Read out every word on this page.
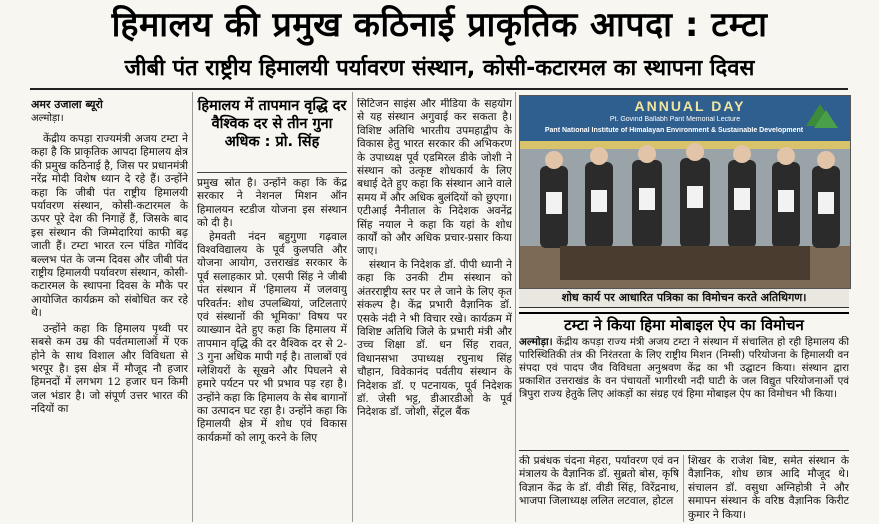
हिमालय की प्रमुख कठिनाई प्राकृतिक आपदा : टम्टा
जीबी पंत राष्ट्रीय हिमालयी पर्यावरण संस्थान, कोसी-कटारमल का स्थापना दिवस
अमर उजाला ब्यूरो
अल्मोड़ा।

केंद्रीय कपड़ा राज्यमंत्री अजय टम्टा ने कहा है कि प्राकृतिक आपदा हिमालय क्षेत्र की प्रमुख कठिनाई है, जिस पर प्रधानमंत्री नरेंद्र मोदी विशेष ध्यान दे रहे हैं। उन्होंने कहा कि जीबी पंत राष्ट्रीय हिमालयी पर्यावरण संस्थान, कोसी-कटारमल के ऊपर पूरे देश की निगाहें हैं, जिसके बाद इस संस्थान की जिम्मेदारियां काफी बढ़ जाती हैं। टम्टा भारत रत्न पंडित गोविंद बल्लभ पंत के जन्म दिवस और जीबी पंत राष्ट्रीय हिमालयी पर्यावरण संस्थान, कोसी-कटारमल के स्थापना दिवस के मौके पर आयोजित कार्यक्रम को संबोधित कर रहे थे।

उन्होंने कहा कि हिमालय पृथ्वी पर सबसे कम उम्र की पर्वतमालाओं में एक होने के साथ विशाल और विविधता से भरपूर है। इस क्षेत्र में मौजूद नौ हजार हिमनदों में लगभग 12 हजार घन किमी जल भंडार है। जो संपूर्ण उत्तर भारत की नदियों का

हिमालय में तापमान वृद्धि दर वैश्विक दर से तीन गुना अधिक : प्रो. सिंह

प्रमुख स्रोत है। उन्होंने कहा कि केंद्र सरकार ने नेशनल मिशन ऑन हिमालयन स्टडीज योजना इस संस्थान को दी है।

हेमवती नंदन बहुगुणा गढ़वाल विश्वविद्यालय के पूर्व कुलपति और योजना आयोग, उत्तराखंड सरकार के पूर्व सलाहकार प्रो. एसपी सिंह ने जीबी पंत संस्थान में 'हिमालय में जलवायु परिवर्तन: शोध उपलब्धियां, जटिलताएं एवं संस्थानों की भूमिका' विषय पर व्याख्यान देते हुए कहा कि हिमालय में तापमान वृद्धि की दर वैश्विक दर से 2-3 गुना अधिक मापी गई है। तालाबों एवं ग्लेशियरों के सूखने और पिघलने से हमारे पर्यटन पर भी प्रभाव पड़ रहा है। उन्होंने कहा कि हिमालय के सेब बागानों का उत्पादन घट रहा है। उन्होंने कहा कि हिमालयी क्षेत्र में शोध एवं विकास कार्यक्रमों को लागू करने के लिए

सिटिजन साइंस और मीडिया के सहयोग से यह संस्थान अगुवाई कर सकता है। विशिष्ट अतिथि भारतीय उपमहाद्वीप के विकास हेतु भारत सरकार की अभिकरण के उपाध्यक्ष पूर्व एडमिरल डीके जोशी ने संस्थान को उत्कृष्ट शोधकार्य के लिए बधाई देते हुए कहा कि संस्थान आने वाले समय में और अधिक बुलंदियों को छुएगा। एटीआई नैनीताल के निदेशक अवनेंद्र सिंह नयाल ने कहा कि यहां के शोध कार्यों को और अधिक प्रचार-प्रसार किया जाए।

संस्थान के निदेशक डॉ. पीपी ध्यानी ने कहा कि उनकी टीम संस्थान को अंतरराष्ट्रीय स्तर पर ले जाने के लिए कृत संकल्प है। केंद्र प्रभारी वैज्ञानिक डॉ. एसके नंदी ने भी विचार रखे। कार्यक्रम में विशिष्ट अतिथि जिले के प्रभारी मंत्री और उच्च शिक्षा डॉ. धन सिंह रावत, विधानसभा उपाध्यक्ष रघुनाथ सिंह चौहान, विवेकानंद पर्वतीय संस्थान के निदेशक डॉ. ए पटनायक, पूर्व निदेशक डॉ. जेसी भट्ट, डीआरडीओ के पूर्व निदेशक डॉ. जोशी, सेंट्रल बैंक

ANNUAL DAY
Pt. Govind Ballabh Pant Memorial Lecture
Pant National Institute of Himalayan Environment & Sustainable Development
शोध कार्य पर आधारित पत्रिका का विमोचन करते अतिथिगण।
टम्टा ने किया हिमा मोबाइल ऐप का विमोचन
अल्मोड़ा। केंद्रीय कपड़ा राज्य मंत्री अजय टम्टा ने संस्थान में संचालित हो रही हिमालय की पारिस्थितिकी तंत्र की निरंतरता के लिए राष्ट्रीय मिशन (निम्सी) परियोजना के हिमालयी वन संपदा एवं पादप जैव विविधता अनुश्रवण केंद्र का भी उद्घाटन किया। संस्थान द्वारा प्रकाशित उत्तराखंड के वन पंचायतों भागीरथी नदी घाटी के जल विद्युत परियोजनाओं एवं त्रिपुरा राज्य हेतुके लिए आंकड़ों का संग्रह एवं हिमा मोबाइल ऐप का विमोचन भी किया।

की प्रबंधक चंदना मेहरा, पर्यावरण एवं वन मंत्रालय के वैज्ञानिक डॉ. सुब्रतो बोस, कृषि विज्ञान केंद्र के डॉ. वीडी सिंह, विरेंद्रनाथ, भाजपा जिलाध्यक्ष ललित लटवाल, होटल

शिखर के राजेश बिष्ट, समेत संस्थान के वैज्ञानिक, शोध छात्र आदि मौजूद थे। संचालन डॉ. वसुधा अग्निहोत्री ने और समापन संस्थान के वरिष्ठ वैज्ञानिक किरीट कुमार ने किया।
